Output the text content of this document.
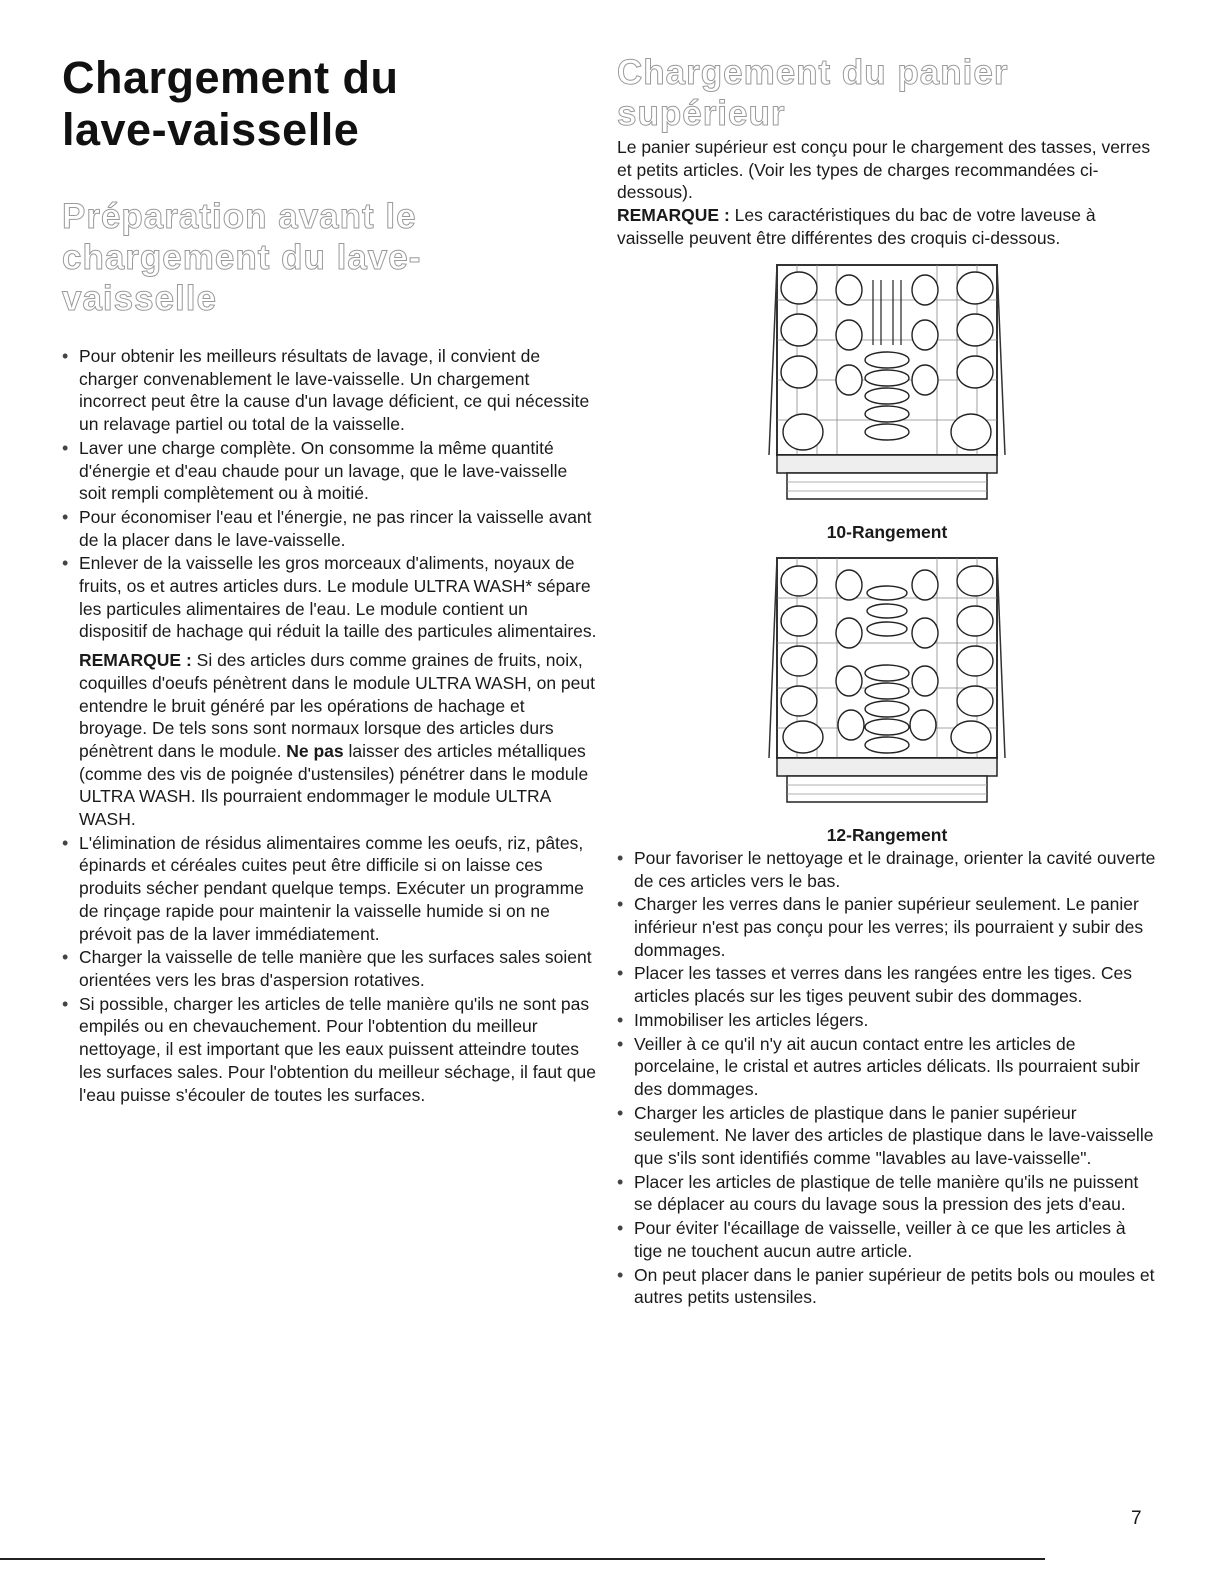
Chargement du
lave-vaisselle
Préparation avant le
chargement du lave-
vaisselle
• Pour obtenir les meilleurs résultats de lavage, il convient de charger convenablement le lave-vaisselle. Un chargement incorrect peut être la cause d'un lavage déficient, ce qui nécessite un relavage partiel ou total de la vaisselle.
• Laver une charge complète. On consomme la même quantité d'énergie et d'eau chaude pour un lavage, que le lave-vaisselle soit rempli complètement ou à moitié.
• Pour économiser l'eau et l'énergie, ne pas rincer la vaisselle avant de la placer dans le lave-vaisselle.
• Enlever de la vaisselle les gros morceaux d'aliments, noyaux de fruits, os et autres articles durs. Le module ULTRA WASH* sépare les particules alimentaires de l'eau. Le module contient un dispositif de hachage qui réduit la taille des particules alimentaires.

REMARQUE : Si des articles durs comme graines de fruits, noix, coquilles d'oeufs pénètrent dans le module ULTRA WASH, on peut entendre le bruit généré par les opérations de hachage et broyage. De tels sons sont normaux lorsque des articles durs pénètrent dans le module. Ne pas laisser des articles métalliques (comme des vis de poignée d'ustensiles) pénétrer dans le module ULTRA WASH. Ils pourraient endommager le module ULTRA WASH.

• L'élimination de résidus alimentaires comme les oeufs, riz, pâtes, épinards et céréales cuites peut être difficile si on laisse ces produits sécher pendant quelque temps. Exécuter un programme de rinçage rapide pour maintenir la vaisselle humide si on ne prévoit pas de la laver immédiatement.
• Charger la vaisselle de telle manière que les surfaces sales soient orientées vers les bras d'aspersion rotatives.
• Si possible, charger les articles de telle manière qu'ils ne sont pas empilés ou en chevauchement. Pour l'obtention du meilleur nettoyage, il est important que les eaux puissent atteindre toutes les surfaces sales. Pour l'obtention du meilleur séchage, il faut que l'eau puisse s'écouler de toutes les surfaces.
Chargement du panier
supérieur

Le panier supérieur est conçu pour le chargement des tasses, verres et petits articles. (Voir les types de charges recommandées ci-dessous).

REMARQUE : Les caractéristiques du bac de votre laveuse à vaisselle peuvent être différentes des croquis ci-dessous.

10-Rangement

12-Rangement

• Pour favoriser le nettoyage et le drainage, orienter la cavité ouverte de ces articles vers le bas.
• Charger les verres dans le panier supérieur seulement. Le panier inférieur n'est pas conçu pour les verres; ils pourraient y subir des dommages.
• Placer les tasses et verres dans les rangées entre les tiges. Ces articles placés sur les tiges peuvent subir des dommages.
• Immobiliser les articles légers.
• Veiller à ce qu'il n'y ait aucun contact entre les articles de porcelaine, le cristal et autres articles délicats. Ils pourraient subir des dommages.
• Charger les articles de plastique dans le panier supérieur seulement. Ne laver des articles de plastique dans le lave-vaisselle que s'ils sont identifiés comme "lavables au lave-vaisselle".
• Placer les articles de plastique de telle manière qu'ils ne puissent se déplacer au cours du lavage sous la pression des jets d'eau.
• Pour éviter l'écaillage de vaisselle, veiller à ce que les articles à tige ne touchent aucun autre article.
• On peut placer dans le panier supérieur de petits bols ou moules et autres petits ustensiles.
7
